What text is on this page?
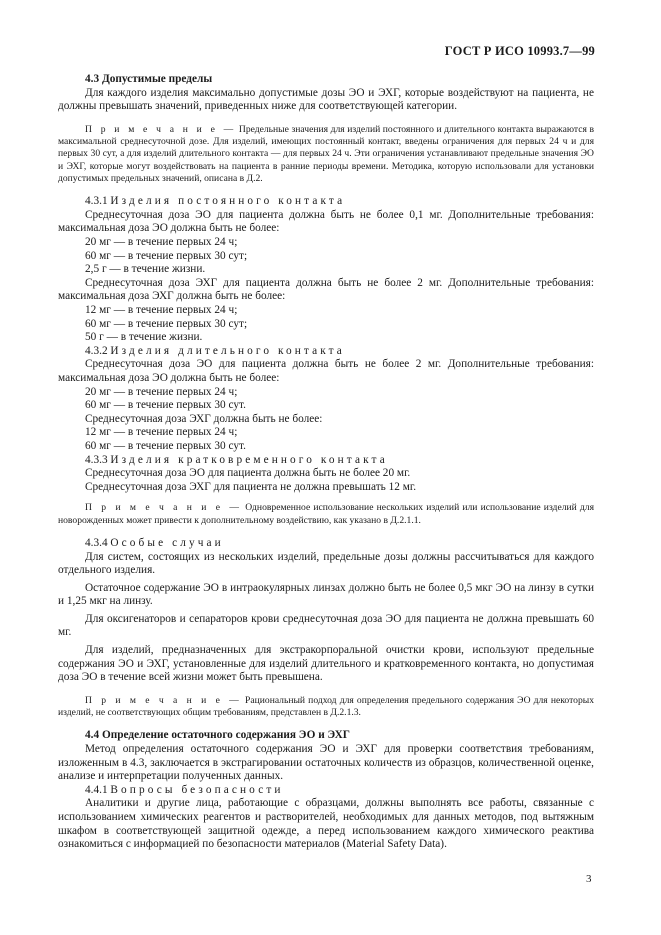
ГОСТ Р ИСО 10993.7—99

4.3 Допустимые пределы

Для каждого изделия максимально допустимые дозы ЭО и ЭХГ, которые воздействуют на пациента, не должны превышать значений, приведенных ниже для соответствующей категории.

П р и м е ч а н и е — Предельные значения для изделий постоянного и длительного контакта выражаются в максимальной среднесуточной дозе. Для изделий, имеющих постоянный контакт, введены ограничения для первых 24 ч и для первых 30 сут, а для изделий длительного контакта — для первых 24 ч. Эти ограничения устанавливают предельные значения ЭО и ЭХГ, которые могут воздействовать на пациента в ранние периоды времени. Методика, которую использовали для установки допустимых предельных значений, описана в Д.2.

4.3.1 Изделия постоянного контакта

Среднесуточная доза ЭО для пациента должна быть не более 0,1 мг. Дополнительные требования: максимальная доза ЭО должна быть не более:

20 мг — в течение первых 24 ч;

60 мг — в течение первых 30 сут;

2,5 г — в течение жизни.

Среднесуточная доза ЭХГ для пациента должна быть не более 2 мг. Дополнительные требования: максимальная доза ЭХГ должна быть не более:

12 мг — в течение первых 24 ч;

60 мг — в течение первых 30 сут;

50 г — в течение жизни.

4.3.2 Изделия длительного контакта

Среднесуточная доза ЭО для пациента должна быть не более 2 мг. Дополнительные требования: максимальная доза ЭО должна быть не более:

20 мг — в течение первых 24 ч;

60 мг — в течение первых 30 сут.

Среднесуточная доза ЭХГ должна быть не более:

12 мг — в течение первых 24 ч;

60 мг — в течение первых 30 сут.

4.3.3 Изделия кратковременного контакта

Среднесуточная доза ЭО для пациента должна быть не более 20 мг.

Среднесуточная доза ЭХГ для пациента не должна превышать 12 мг.

П р и м е ч а н и е — Одновременное использование нескольких изделий или использование изделий для новорожденных может привести к дополнительному воздействию, как указано в Д.2.1.1.

4.3.4 Особые случаи

Для систем, состоящих из нескольких изделий, предельные дозы должны рассчитываться для каждого отдельного изделия.

Остаточное содержание ЭО в интраокулярных линзах должно быть не более 0,5 мкг ЭО на линзу в сутки и 1,25 мкг на линзу.

Для оксигенаторов и сепараторов крови среднесуточная доза ЭО для пациента не должна превышать 60 мг.

Для изделий, предназначенных для экстракорпоральной очистки крови, используют предельные содержания ЭО и ЭХГ, установленные для изделий длительного и кратковременного контакта, но допустимая доза ЭО в течение всей жизни может быть превышена.

П р и м е ч а н и е — Рациональный подход для определения предельного содержания ЭО для некоторых изделий, не соответствующих общим требованиям, представлен в Д.2.1.3.

4.4 Определение остаточного содержания ЭО и ЭХГ

Метод определения остаточного содержания ЭО и ЭХГ для проверки соответствия требованиям, изложенным в 4.3, заключается в экстрагировании остаточных количеств из образцов, количественной оценке, анализе и интерпретации полученных данных.

4.4.1 Вопросы безопасности

Аналитики и другие лица, работающие с образцами, должны выполнять все работы, связанные с использованием химических реагентов и растворителей, необходимых для данных методов, под вытяжным шкафом в соответствующей защитной одежде, а перед использованием каждого химического реактива ознакомиться с информацией по безопасности материалов (Material Safety Data).

3
